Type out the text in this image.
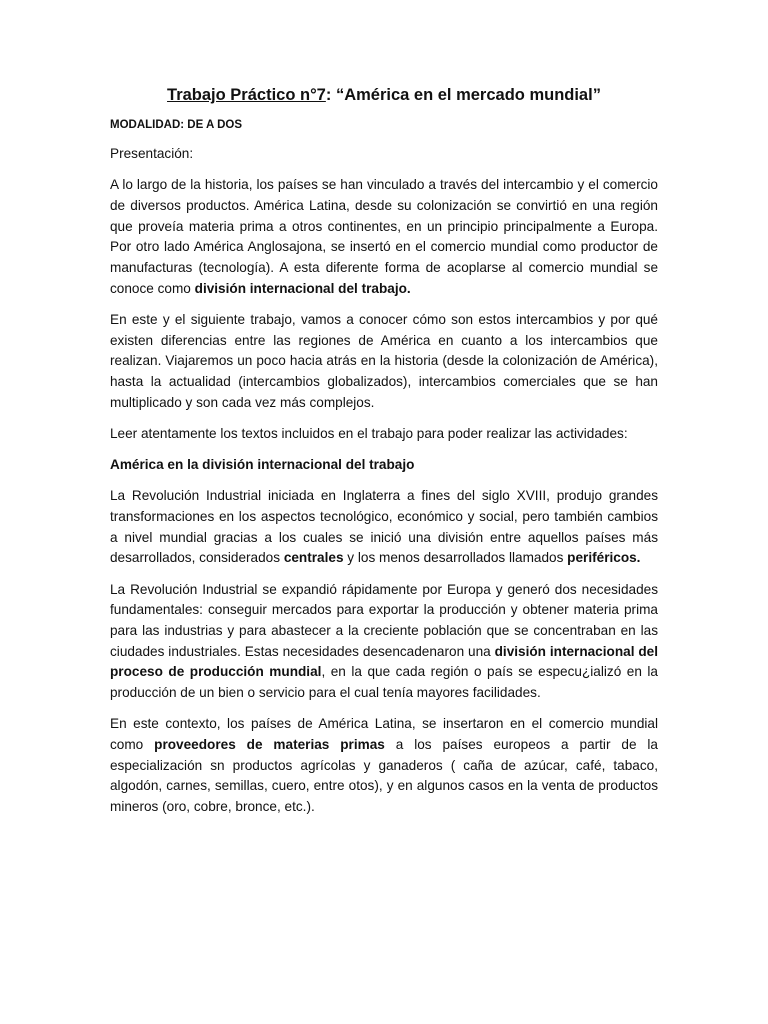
Trabajo Práctico n°7: “América en el mercado mundial”
MODALIDAD: DE A DOS
Presentación:
A lo largo de la historia, los países se han vinculado a través del intercambio y el comercio de diversos productos. América Latina, desde su colonización se convirtió en una región que proveía materia prima a otros continentes, en un principio principalmente a Europa. Por otro lado América Anglosajona, se insertó en el comercio mundial como productor de manufacturas (tecnología). A esta diferente forma de acoplarse al comercio mundial se conoce como división internacional del trabajo.
En este y el siguiente trabajo, vamos a conocer cómo son estos intercambios y por qué existen diferencias entre las regiones de América en cuanto a los intercambios que realizan. Viajaremos un poco hacia atrás en la historia (desde la colonización de América), hasta la actualidad (intercambios globalizados), intercambios comerciales que se han multiplicado y son cada vez más complejos.
Leer atentamente los textos incluidos en el trabajo para poder realizar las actividades:
América en la división internacional del trabajo
La Revolución Industrial iniciada en Inglaterra a fines del siglo XVIII, produjo grandes transformaciones en los aspectos tecnológico, económico y social, pero también cambios a nivel mundial gracias a los cuales se inició una división entre aquellos países más desarrollados, considerados centrales y los menos desarrollados llamados periféricos.
La Revolución Industrial se expandió rápidamente por Europa y generó dos necesidades fundamentales: conseguir mercados para exportar la producción y obtener materia prima para las industrias y para abastecer a la creciente población que se concentraban en las ciudades industriales. Estas necesidades desencadenaron una división internacional del proceso de producción mundial, en la que cada región o país se especu¿ializó en la producción de un bien o servicio para el cual tenía mayores facilidades.
En este contexto, los países de América Latina, se insertaron en el comercio mundial como proveedores de materias primas a los países europeos a partir de la especialización sn productos agrícolas y ganaderos ( caña de azúcar, café, tabaco, algodón, carnes, semillas, cuero, entre otos), y en algunos casos en la venta de productos mineros (oro, cobre, bronce, etc.).
